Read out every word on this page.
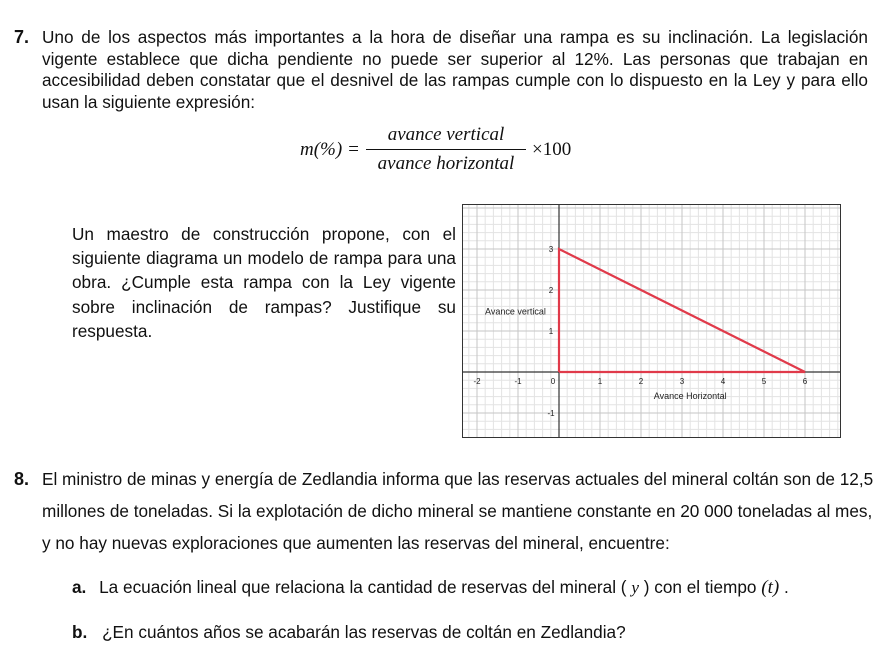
7. Uno de los aspectos más importantes a la hora de diseñar una rampa es su inclinación. La legislación vigente establece que dicha pendiente no puede ser superior al 12%. Las personas que trabajan en accesibilidad deben constatar que el desnivel de las rampas cumple con lo dispuesto en la Ley y para ello usan la siguiente expresión:
m(%) =
avance vertical
avance horizontal
×100
Un maestro de construcción propone, con el siguiente diagrama un modelo de rampa para una obra. ¿Cumple esta rampa con la Ley vigente sobre inclinación de rampas? Justifique su respuesta.
-2	-1	0	1	2	3	4	5	6
-1
1
2
3
Avance vertical
Avance Horizontal
8. El ministro de minas y energía de Zedlandia informa que las reservas actuales del mineral coltán son de 12,5 millones de toneladas. Si la explotación de dicho mineral se mantiene constante en 20 000 toneladas al mes, y no hay nuevas exploraciones que aumenten las reservas del mineral, encuentre:
a. La ecuación lineal que relaciona la cantidad de reservas del mineral ( y ) con el tiempo (t) .
b. ¿En cuántos años se acabarán las reservas de coltán en Zedlandia?
